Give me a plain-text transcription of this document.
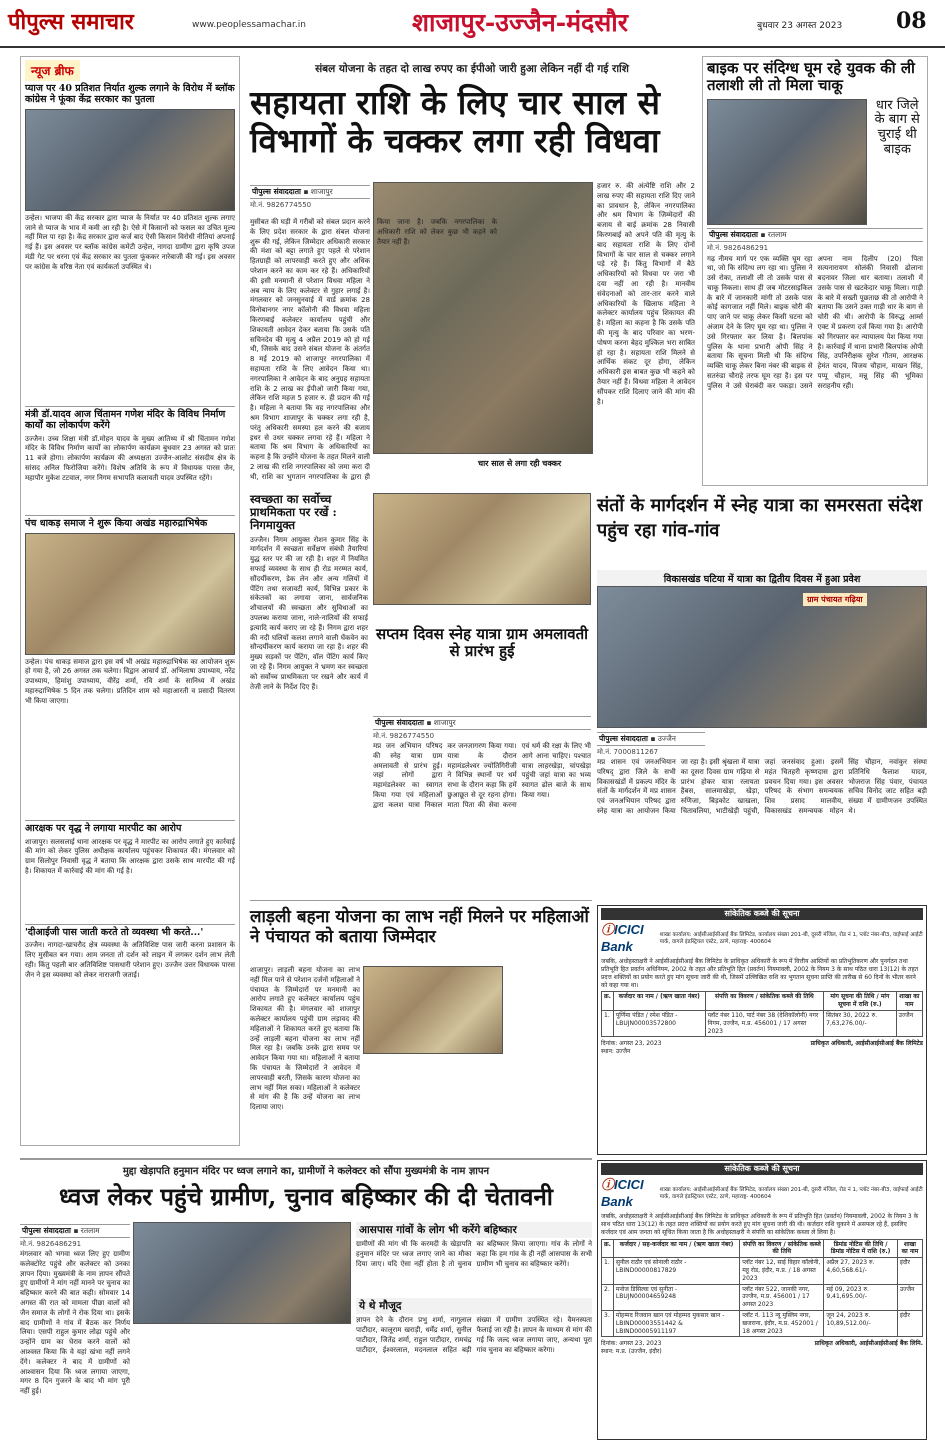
पीपुल्स समाचार	www.peoplessamachar.in	शाजापुर-उज्जैन-मंदसौर	बुधवार 23 अगस्त 2023 08
न्यूज ब्रीफ
प्याज पर 40 प्रतिशत निर्यात शुल्क लगाने के विरोध में ब्लॉक कांग्रेस ने फूंका केंद्र सरकार का पुतला
उन्हेल। भाजपा की केंद्र सरकार द्वारा प्याज के निर्यात पर 40 प्रतिशत शुल्क लगाए जाने से प्याज के भाव में कमी आ रही है। ऐसे में किसानों को फसल का उचित मूल्य नहीं मिल पा रहा है। केंद्र सरकार द्वारा कर्ज बाद ऐसी किसान विरोधी नीतियां अपनाई गई हैं। इस अवसर पर ब्लॉक कांग्रेस कमेटी उन्हेल, नागदा ग्रामीण द्वारा कृषि उपज मंडी गेट पर धरना एवं केंद्र सरकार का पुतला फूंककर नारेबाजी की गई। इस अवसर पर कांग्रेस के वरिष्ठ नेता एवं कार्यकर्ता उपस्थित थे।
मंत्री डॉ.यादव आज चिंतामन गणेश मंदिर के विविध निर्माण कार्यों का लोकार्पण करेंगे
उज्जैन। उच्च शिक्षा मंत्री डॉ.मोहन यादव के मुख्य आतिथ्य में श्री चिंतामन गणेश मंदिर के विविध निर्माण कार्यों का लोकार्पण कार्यक्रम बुधवार 23 अगस्त को प्रातः 11 बजे होगा। लोकार्पण कार्यक्रम की अध्यक्षता उज्जैन-आलोट संसदीय क्षेत्र के सांसद अनिल फिरोजिया करेंगे। विशेष अतिथि के रूप में विधायक पारस जैन, महापौर मुकेश टटवाल, नगर निगम सभापति कलावती यादव उपस्थित रहेंगे।
पंच धाकड़ समाज ने शुरू किया अखंड महारुद्राभिषेक
उन्हेल। पंच धाकड़ समाज द्वारा इस वर्ष भी अखंड महारुद्राभिषेक का आयोजन शुरू हो गया है, जो 26 अगस्त तक चलेगा। विद्वान आचार्य डॉ. अभिलाषा उपाध्याय, नरेंद्र उपाध्याय, हिमांशु उपाध्याय, वीरेंद्र शर्मा, रवि शर्मा के सानिध्य में अखंड महारुद्राभिषेक 5 दिन तक चलेगा। प्रतिदिन शाम को महाआरती व प्रसादी वितरण भी किया जाएगा।
आरक्षक पर वृद्ध ने लगाया मारपीट का आरोप
शाजापुर। सलसलाई थाना आरक्षक पर वृद्ध ने मारपीट का आरोप लगाते हुए कार्रवाई की मांग को लेकर पुलिस अधीक्षक कार्यालय पहुंचकर शिकायत की। मंगलवार को ग्राम सिलोपुर निवासी वृद्ध ने बताया कि आरक्षक द्वारा उसके साथ मारपीट की गई है। शिकायत में कार्रवाई की मांग की गई है।
'दीआईजी पास जाती करते तो व्यवस्था भी करते...'
उज्जैन। नागदा-खाचरौद क्षेत्र व्यवस्था के अतिविशिष्ट पास जारी करना प्रशासन के लिए मुसीबत बन गया। आम जनता तो दर्शन को लाइन में लगकर दर्शन लाभ लेती रही। किंतु पहली बार अतिविशिष्ट पासधारी परेशान हुए। उज्जैन उत्तर विधायक पारस जैन ने इस व्यवस्था को लेकर नाराजगी जताई।
संबल योजना के तहत दो लाख रुपए का ईपीओ जारी हुआ लेकिन नहीं दी गई राशि
सहायता राशि के लिए चार साल से विभागों के चक्कर लगा रही विधवा
पीपुल्स संवाददाता ▪ शाजापुर
मो.नं. 9826774550
मुसीबत की घड़ी में गरीबों को संबल प्रदान करने के लिए प्रदेश सरकार के द्वारा संबल योजना शुरू की गई, लेकिन जिम्मेदार अधिकारी सरकार की मंशा को बट्टा लगाते हुए पहले से परेशान हितग्राही को लापरवाही करते हुए और अधिक परेशान करने का काम कर रहे हैं। अधिकारियों की इसी मनमानी से परेशान विधवा महिला ने अब न्याय के लिए कलेक्टर से गुहार लगाई है। मंगलवार को जनसुनवाई में वार्ड क्रमांक 28 विनोबानगर नगर कॉलोनी की विधवा महिला किरणबाई कलेक्टर कार्यालय पहुंची और शिकायती आवेदन देकर बताया कि उसके पति सचिनदेव की मृत्यु 4 अप्रैल 2019 को हो गई थी, जिसके बाद उसने संबल योजना के अंतर्गत 8 मई 2019 को शाजापुर नगरपालिका में सहायता राशि के लिए आवेदन किया था। नगरपालिका ने आवेदन के बाद अनुग्रह सहायता राशि के 2 लाख का ईपीओ जारी किया गया, लेकिन राशि महज 5 हजार रु. ही प्रदान की गई है। महिला ने बताया कि वह नगरपालिका और श्रम विभाग शाजापुर के चक्कर लगा रही है, परंतु अधिकारी समस्या हल करने की बजाय इधर से उधर चक्कर लगवा रहे हैं। महिला ने बताया कि श्रम विभाग के अधिकारियों का कहना है कि उन्होंने योजना के तहत मिलने वाली 2 लाख की राशि नगरपालिका को जमा करा दी थी, राशि का भुगतान नगरपालिका के द्वारा ही
चार साल से लगा रही चक्कर
हजार रु. की अंत्येष्टि राशि और 2 लाख रुपए की सहायता राशि दिए जाने का प्रावधान है, लेकिन नगरपालिका और श्रम विभाग के जिम्मेदारों की बजाय से बाई क्रमांक 28 निवासी किरणबाई को अपने पति की मृत्यु के बाद सहायता राशि के लिए दोनों विभागों के चार साल से चक्कर लगाने पड़े रहे हैं। किंतु विभागों में बैठे अधिकारियों को विधवा पर जरा भी दया नहीं आ रही है। मानवीय संवेदनाओं को तार-तार करने वाले अधिकारियों के खिलाफ महिला ने कलेक्टर कार्यालय पहुंच शिकायत की है। महिला का कहना है कि उसके पति की मृत्यु के बाद परिवार का भरण-पोषण करना बेहद मुश्किल भरा साबित हो रहा है। सहायता राशि मिलने से आर्थिक संकट दूर होगा, लेकिन अधिकारी इस बाबत कुछ भी कहने को तैयार नहीं हैं। विधवा महिला ने आवेदन सौंपकर राशि दिलाए जाने की मांग की है।
बाइक पर संदिग्ध घूम रहे युवक की ली तलाशी ली तो मिला चाकू
धार जिले के बाग से चुराई थी बाइक
पीपुल्स संवाददाता ▪ रतलाम
मो.नं. 9826486291
गढ़ नीमच मार्ग पर एक व्यक्ति घूम रहा था, जो कि संदिग्ध लग रहा था। पुलिस ने उसे रोका, तलाशी ली तो उसके पास से चाकू निकला। साथ ही जब मोटरसाइकिल के बारे में जानकारी मांगी तो उसके पास कोई कागजात नहीं मिले। बाइक चोरी की पाए जाने पर चाकू लेकर किसी घटना को अंजाम देने के लिए घूम रहा था। पुलिस ने उसे गिरफ्तार कर लिया है। बिलपांक पुलिस के थाना प्रभारी ओपी सिंह ने बताया कि सूचना मिली थी कि संदिग्ध व्यक्ति चाकू लेकर बिना नंबर की बाइक से सतरुंडा चौराहे तरफ घूम रहा है। इस पर पुलिस ने उसे घेराबंदी कर पकड़ा। उसने अपना नाम दिलीप (20) पिता सत्यनारायण सोलंकी निवासी ढोलाना बदनावर जिला धार बताया। तलाशी में उसके पास से खटकेदार चाकू मिला। गाड़ी के बारे में सख्ती पूछताछ की तो आरोपी ने बताया कि उसने उक्त गाड़ी धार के बाग से चोरी की थी। आरोपी के विरुद्ध आर्म्स एक्ट में प्रकरण दर्ज किया गया है। आरोपी को गिरफ्तार कर न्यायालय पेश किया गया है। कार्रवाई में थाना प्रभारी बिलपांक ओपी सिंह, उपनिरीक्षक सुरेश गौतम, आरक्षक हेमंत यादव, विजय चौहान, माखन सिंह, पप्पू चौहान, मन्नू सिंह की भूमिका सराहनीय रही।
स्वच्छता का सर्वोच्च प्राथमिकता पर रखें : निगमायुक्त
उज्जैन। निगम आयुक्त रोशन कुमार सिंह के मार्गदर्शन में स्वच्छता सर्वेक्षण संबंधी तैयारियां युद्ध स्तर पर की जा रही है। शहर में नियमित सफाई व्यवस्था के साथ ही रोड मरम्मत कार्य, सौंदर्यीकरण, डेक लेन और अन्य गलियों में पेंटिंग तथा सजावटी कार्य, विभिन्न प्रकार के संकेतकों का लगाया जाना, सार्वजनिक शौचालयों की स्वच्छता और सुविधाओं का उपलब्ध कराया जाना, नाले-नालियों की सफाई इत्यादि कार्य कराए जा रहे हैं। निगम द्वारा शहर की नदी घलियों कलश लगाने वाली घेंकवेन का सौन्दर्यीकरण कार्य कराया जा रहा है। शहर की मुख्य सड़कों पर पेंटिंग, वॉल पेंटिंग कार्य किए जा रहे हैं। निगम आयुक्त ने भ्रमण कर स्वच्छता को सर्वोच्च प्राथमिकता पर रखने और कार्य में तेजी लाने के निर्देश दिए हैं।
सप्तम दिवस स्नेह यात्रा ग्राम अमलावती से प्रारंभ हुई
पीपुल्स संवाददाता ▪ शाजापुर
मो.नं. 9826774550
मप्र जन अभियान परिषद की स्नेह यात्रा ग्राम अमलावती से प्रारंभ हुई। जहां लोगों द्वारा महामंडलेश्वर का स्वागत किया गया एवं महिलाओं द्वारा कलश यात्रा निकाल कर जनजागरण किया गया। यात्रा के दौरान महामंडलेश्वर ज्योतिगिरीजी ने विभिन्न स्थानों पर धर्म सभा के दौरान कहा कि हमें छुआछूत से दूर रहना होगा। माता पिता की सेवा करना एवं धर्म की रक्षा के लिए भी आगे आना चाहिए। पश्चात यात्रा लाहरखेड़ा, चांपखेड़ा पहुंची जहां यात्रा का भव्य स्वागत ढोल बाजे के साथ किया गया।
संतों के मार्गदर्शन में स्नेह यात्रा का समरसता संदेश पहुंच रहा गांव-गांव
विकासखंड घटिया में यात्रा का द्वितीय दिवस में हुआ प्रवेश
ग्राम पंचायत गढ़िया
पीपुल्स संवाददाता ▪ उज्जैन
मो.नं. 7000811267
मप्र शासन एवं जनअभियान परिषद् द्वारा जिले के सभी विकासखंडों में प्रकल्प मंदिर के संतों के मार्गदर्शन में मप्र शासन एवं जनअभियान परिषद द्वारा स्नेह यात्रा का आयोजन किया जा रहा है। इसी श्रृंखला में यात्रा का दूसरा दिवस ग्राम गढ़िया से प्रारंभ होकर यात्रा रलायता हैबस, सालमाखेड़ा, खेड़ा, रुणिजा, बिड़कोट खाखला, चितावलिया, भाटीखेड़ी पहुंची, जहां जनसंवाद हुआ। इसमें महंत चितहरी कृष्णदास द्वारा प्रवचन दिया गया। इस अवसर परिषद के संभाग समन्वयक शिव प्रसाद मालवीय, विकासखंड समन्वयक मोहन सिंह चौहान, नवांकुर संस्था प्रतिनिधि फैलाश यादव, भोजराज सिंह पंवार, पंचायत सचिव विनोद जाट सहित बड़ी संख्या में ग्रामीणजन उपस्थित थे।
लाड़ली बहना योजना का लाभ नहीं मिलने पर महिलाओं ने पंचायत को बताया जिम्मेदार
शाजापुर। लाड़ली बहना योजना का लाभ नहीं मिल पाने से परेशान दर्जनों महिलाओं ने पंचायत के जिम्मेदारों पर मनमानी का आरोप लगाते हुए कलेक्टर कार्यालय पहुंच शिकायत की है। मंगलवार को शाजापुर कलेक्टर कार्यालय पहुंची ग्राम लड़ावद की महिलाओं ने शिकायत करते हुए बताया कि उन्हें लाड़ली बहना योजना का लाभ नहीं मिल रहा है। जबकि उनके द्वारा समय पर आवेदन किया गया था। महिलाओं ने बताया कि पंचायत के जिम्मेदारों ने आवेदन में लापरवाही बरती, जिसके कारण योजना का लाभ नहीं मिल सका। महिलाओं ने कलेक्टर से मांग की है कि उन्हें योजना का लाभ दिलाया जाए।
सांकेतिक कब्जे की सूचना
ⓘICICI Bank
शाखा कार्यालय: आईसीआईसीआई बैंक लिमिटेड, कार्यालय संख्या 201-बी, दूसरी मंजिल, रोड नं 1, प्लॉट नंबर-बी3, वाईफाई आईटी पार्क, वागले इंडस्ट्रियल एस्टेट, ठाणे, महाराष्ट्र- 400604
जबकि, अधोहस्ताक्षरी ने आईसीआईसीआई बैंक लिमिटेड के प्राधिकृत अधिकारी के रूप में वित्तीय आस्तियों का प्रतिभूतिकरण और पुनर्गठन तथा प्रतिभूति हित प्रवर्तन अधिनियम, 2002 के तहत और प्रतिभूति हित (प्रवर्तन) नियमावली, 2002 के नियम 3 के साथ पठित धारा 13(12) के तहत प्रदत्त शक्तियों का प्रयोग करते हुए मांग सूचना जारी की थी, जिसमें उल्लिखित राशि का भुगतान सूचना प्राप्ति की तारीख से 60 दिनों के भीतर करने को कहा गया था।
क्र.	कर्जदार का नाम / (ऋण खाता नंबर)	संपत्ति का विवरण / सांकेतिक कब्जे की तिथि	मांग सूचना की तिथि / मांग सूचना में राशि (रु.)	शाखा का नाम
1.	पूर्णिमा पंडित / रमेश पंडित - LBUJN00003572800	प्लॉट नंबर 110, पार्ट नंबर 38 (देशिकॉलोनी) नगर निगम, उज्जैन, म.प्र. 456001 / 17 अगस्त 2023	सितंबर 30, 2022 रु. 7,63,276.00/-	उज्जैन
दिनांक: अगस्त 23, 2023
स्थान: उज्जैन
प्राधिकृत अधिकारी, आईसीआईसीआई बैंक लिमिटेड
मुद्दा खेड़ापति हनुमान मंदिर पर ध्वज लगाने का, ग्रामीणों ने कलेक्टर को सौंपा मुख्यमंत्री के नाम ज्ञापन
ध्वज लेकर पहुंचे ग्रामीण, चुनाव बहिष्कार की दी चेतावनी
पीपुल्स संवाददाता ▪ रतलाम
मो.नं. 9826486291
मंगलवार को भगवा ध्वज लिए हुए ग्रामीण कलेक्टोरेट पहुंचे और कलेक्टर को उनका ज्ञापन दिया। मुख्यमंत्री के नाम ज्ञापन सौंपते हुए ग्रामीणों ने मांग नहीं मानने पर चुनाव का बहिष्कार करने की बात कही। सोमवार 14 अगस्त की रात को मामला पीछा वालों को जैन समाज के लोगों ने रोक दिया था। इसके बाद ग्रामीणों ने गांव में बैठक कर निर्णय लिया। एसपी राहुल कुमार लोढ़ा पहुंचे और उन्होंने ग्राम का घेराव करने वालों को आश्वस्त किया कि वे यहां खंभा नहीं लगने देंगे। कलेक्टर ने बाद में ग्रामीणों को आश्वासन दिया कि ध्वज लगाया जाएगा, मगर 8 दिन गुजरने के बाद भी मांग पूरी नहीं हुई।
आसपास गांवों के लोग भी करेंगे बहिष्कार
ग्रामीणों की मांग थी कि करमदी के खेड़ापति हनुमान मंदिर पर ध्वज लगाए जाने का मौका दिया जाए। यदि ऐसा नहीं होता है तो चुनाव का बहिष्कार किया जाएगा। गांव के लोगों ने कहा कि हम गांव के ही नहीं आसपास के सभी ग्रामीण भी चुनाव का बहिष्कार करेंगे।
ये थे मौजूद
ज्ञापन देने के दौरान प्रभु शर्मा, नागूलाल पाटीदार, कालूराम खराड़ी, धर्मेंद्र शर्मा, सुनील पाटीदार, जितेंद्र शर्मा, राहुल पाटीदार, रामचंद्र पाटीदार, ईश्वरलाल, मदनलाल सहित बड़ी संख्या में ग्रामीण उपस्थित रहे। वैमनस्यता फैलाई जा रही है। ज्ञापन के माध्यम से मांग की गई कि जल्द ध्वज लगाया जाए, अन्यथा पूरा गांव चुनाव का बहिष्कार करेगा।
सांकेतिक कब्जे की सूचना
ⓘICICI Bank
शाखा कार्यालय: आईसीआईसीआई बैंक लिमिटेड, कार्यालय संख्या 201-बी, दूसरी मंजिल, रोड नं 1, प्लॉट नंबर-बी3, वाईफाई आईटी पार्क, वागले इंडस्ट्रियल एस्टेट, ठाणे, महाराष्ट्र- 400604
जबकि, अधोहस्ताक्षरी ने आईसीआईसीआई बैंक लिमिटेड के प्राधिकृत अधिकारी के रूप में प्रतिभूति हित (प्रवर्तन) नियमावली, 2002 के नियम 3 के साथ पठित धारा 13(12) के तहत प्रदत्त शक्तियों का प्रयोग करते हुए मांग सूचना जारी की थी। कर्जदार राशि चुकाने में असफल रहे हैं, इसलिए कर्जदार एवं आम जनता को सूचित किया जाता है कि अधोहस्ताक्षरी ने संपत्ति का सांकेतिक कब्जा ले लिया है।
क्र.	कर्जदार / सह-कर्जदार का नाम / (ऋण खाता नंबर)	संपत्ति का विवरण / सांकेतिक कब्जे की तिथि	डिमांड नोटिस की तिथि / डिमांड नोटिस में राशि (रु.)	शाखा का नाम
1.	सुनील राठौर एवं सोनाली राठौर - LBIND00000817829	प्लॉट नंबर 12, साई विहार कॉलोनी, महू रोड, इंदौर, म.प्र. / 18 अगस्त 2023	अप्रैल 27, 2023 रु. 4,60,568.61/-	इंदौर
2.	मनोज डिसिल्वा एवं सुनीता - LBUJN00004659248	प्लॉट नंबर 522, जानकी नगर, उज्जैन, म.प्र. 456001 / 17 अगस्त 2023	मई 09, 2023 रु. 9,41,695.00/-	उज्जैन
3.	मोहम्मद रिजवान खान एवं मोहम्मद मुकसार खान - LBIND00003551442 & LBIND00005911197	प्लॉट नं. 113 न्यू मुस्लिम नगर, खजराना, इंदौर, म.प्र. 452001 / 18 अगस्त 2023	जून 24, 2023 रु. 10,89,512.00/-	इंदौर
दिनांक: अगस्त 23, 2023
स्थान: म.प्र. (उज्जैन, इंदौर)
प्राधिकृत अधिकारी, आईसीआईसीआई बैंक लिमि.
